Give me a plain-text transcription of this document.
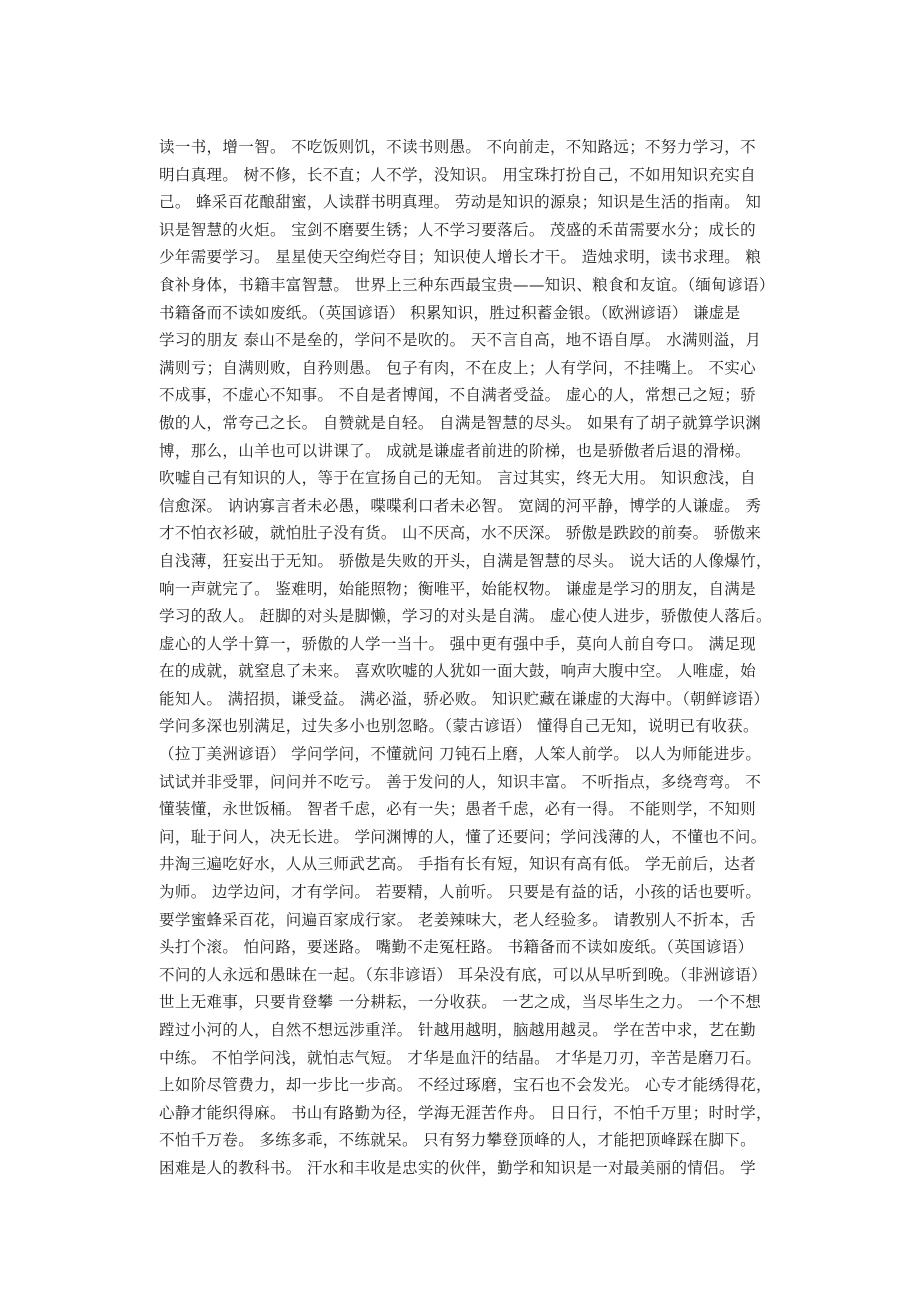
读一书，增一智。 不吃饭则饥，不读书则愚。 不向前走，不知路远；不努力学习，不
明白真理。 树不修，长不直；人不学，没知识。 用宝珠打扮自己，不如用知识充实自
己。 蜂采百花酿甜蜜，人读群书明真理。 劳动是知识的源泉；知识是生活的指南。 知
识是智慧的火炬。 宝剑不磨要生锈；人不学习要落后。 茂盛的禾苗需要水分；成长的
少年需要学习。 星星使天空绚烂夺目；知识使人增长才干。 造烛求明，读书求理。 粮
食补身体，书籍丰富智慧。 世界上三种东西最宝贵——知识、粮食和友谊。（缅甸谚语）
书籍备而不读如废纸。（英国谚语） 积累知识，胜过积蓄金银。（欧洲谚语） 谦虚是
学习的朋友 泰山不是垒的，学问不是吹的。 天不言自高，地不语自厚。 水满则溢，月
满则亏；自满则败，自矜则愚。 包子有肉，不在皮上；人有学问，不挂嘴上。 不实心
不成事，不虚心不知事。 不自是者博闻，不自满者受益。 虚心的人，常想己之短；骄
傲的人，常夸己之长。 自赞就是自轻。 自满是智慧的尽头。 如果有了胡子就算学识渊
博，那么，山羊也可以讲课了。 成就是谦虚者前进的阶梯，也是骄傲者后退的滑梯。
吹嘘自己有知识的人，等于在宣扬自己的无知。 言过其实，终无大用。 知识愈浅，自
信愈深。 讷讷寡言者未必愚，喋喋利口者未必智。 宽阔的河平静，博学的人谦虚。 秀
才不怕衣衫破，就怕肚子没有货。 山不厌高，水不厌深。 骄傲是跌跤的前奏。 骄傲来
自浅薄，狂妄出于无知。 骄傲是失败的开头，自满是智慧的尽头。 说大话的人像爆竹，
响一声就完了。 鉴难明，始能照物；衡唯平，始能权物。 谦虚是学习的朋友，自满是
学习的敌人。 赶脚的对头是脚懒，学习的对头是自满。 虚心使人进步，骄傲使人落后。
虚心的人学十算一，骄傲的人学一当十。 强中更有强中手，莫向人前自夸口。 满足现
在的成就，就窒息了未来。 喜欢吹嘘的人犹如一面大鼓，响声大腹中空。 人唯虚，始
能知人。 满招损，谦受益。 满必溢，骄必败。 知识贮藏在谦虚的大海中。（朝鲜谚语）
学问多深也别满足，过失多小也别忽略。（蒙古谚语） 懂得自己无知，说明已有收获。
（拉丁美洲谚语） 学问学问，不懂就问 刀钝石上磨，人笨人前学。 以人为师能进步。
试试并非受罪，问问并不吃亏。 善于发问的人，知识丰富。 不听指点，多绕弯弯。 不
懂装懂，永世饭桶。 智者千虑，必有一失；愚者千虑，必有一得。 不能则学，不知则
问，耻于问人，决无长进。 学问渊博的人，懂了还要问；学问浅薄的人，不懂也不问。
井淘三遍吃好水，人从三师武艺高。 手指有长有短，知识有高有低。 学无前后，达者
为师。 边学边问，才有学问。 若要精，人前听。 只要是有益的话，小孩的话也要听。
要学蜜蜂采百花，问遍百家成行家。 老姜辣味大，老人经验多。 请教别人不折本，舌
头打个滚。 怕问路，要迷路。 嘴勤不走冤枉路。 书籍备而不读如废纸。（英国谚语）
不问的人永远和愚昧在一起。（东非谚语） 耳朵没有底，可以从早听到晚。（非洲谚语）
世上无难事，只要肯登攀 一分耕耘，一分收获。 一艺之成，当尽毕生之力。 一个不想
蹚过小河的人，自然不想远涉重洋。 针越用越明，脑越用越灵。 学在苦中求，艺在勤
中练。 不怕学问浅，就怕志气短。 才华是血汗的结晶。 才华是刀刃，辛苦是磨刀石。
上如阶尽管费力，却一步比一步高。 不经过琢磨，宝石也不会发光。 心专才能绣得花，
心静才能织得麻。 书山有路勤为径，学海无涯苦作舟。 日日行，不怕千万里；时时学，
不怕千万卷。 多练多乖，不练就呆。 只有努力攀登顶峰的人，才能把顶峰踩在脚下。
困难是人的教科书。 汗水和丰收是忠实的伙伴，勤学和知识是一对最美丽的情侣。 学
